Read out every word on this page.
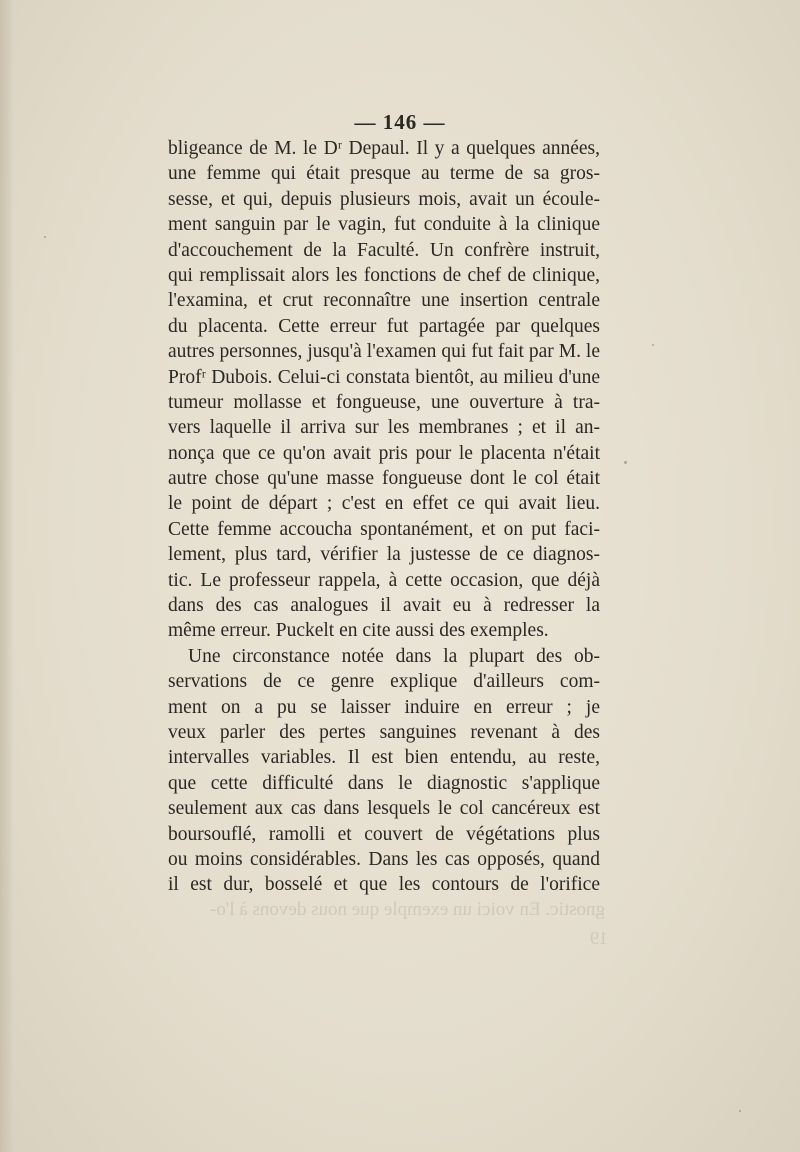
— 146 —
bligeance de M. le Dʳ Depaul. Il y a quelques années,
une femme qui était presque au terme de sa gros-
sesse, et qui, depuis plusieurs mois, avait un écoule-
ment sanguin par le vagin, fut conduite à la clinique
d'accouchement de la Faculté. Un confrère instruit,
qui remplissait alors les fonctions de chef de clinique,
l'examina, et crut reconnaître une insertion centrale
du placenta. Cette erreur fut partagée par quelques
autres personnes, jusqu'à l'examen qui fut fait par M. le
Profʳ Dubois. Celui-ci constata bientôt, au milieu d'une
tumeur mollasse et fongueuse, une ouverture à tra-
vers laquelle il arriva sur les membranes ; et il an-
nonça que ce qu'on avait pris pour le placenta n'était
autre chose qu'une masse fongueuse dont le col était
le point de départ ; c'est en effet ce qui avait lieu.
Cette femme accoucha spontanément, et on put faci-
lement, plus tard, vérifier la justesse de ce diagnos-
tic. Le professeur rappela, à cette occasion, que déjà
dans des cas analogues il avait eu à redresser la
même erreur. Puckelt en cite aussi des exemples.
Une circonstance notée dans la plupart des ob-
servations de ce genre explique d'ailleurs com-
ment on a pu se laisser induire en erreur ; je
veux parler des pertes sanguines revenant à des
intervalles variables. Il est bien entendu, au reste,
que cette difficulté dans le diagnostic s'applique
seulement aux cas dans lesquels le col cancéreux est
boursouflé, ramolli et couvert de végétations plus
ou moins considérables. Dans les cas opposés, quand
il est dur, bosselé et que les contours de l'orifice
gnostic. En voici un exemple que nous devons à l'o-
19
